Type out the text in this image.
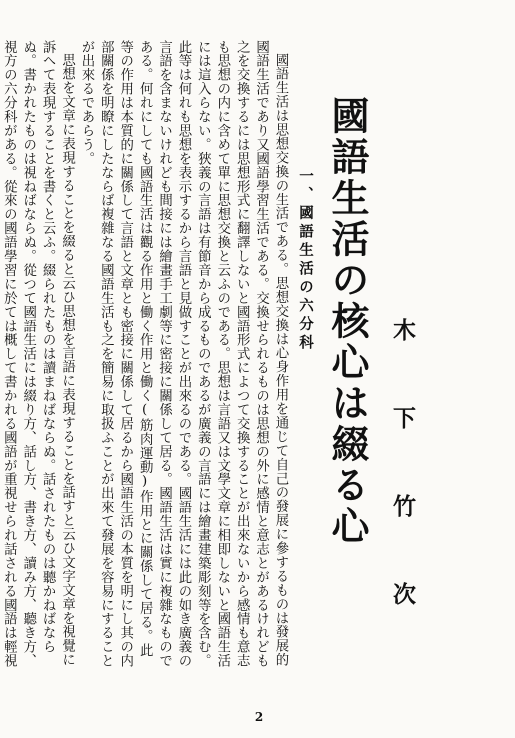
木 下 竹 次
國語生活の核心は綴る心
一、國語生活の六分科

國語生活は思想交換の生活である。思想交換は心身作用を通じて自己の發展に參するものは發展的國語生活であり又國語學習生活である。交換せられるものは思想の外に感情と意志とがあるけれども之を交換するには思想形式に翻譯しないと國語形式によつて交換することが出來ないから感情も意志も思想の内に含めて單に思想交換と云ふのである。思想は言語又は文學文章に相即しないと國語生活には這入らない。狹義の言語は有節音から成るものであるが廣義の言語には繪畫建築彫刻等を含む。此等は何れも思想を表示するから言語と見做すことが出來るのである。國語生活には此の如き廣義の言語を含まないけれども間接には繪畫手工劇等に密接に關係して居る。國語生活は實に複雜なものである。何れにしても國語生活は觀る作用と働く作用と働く(筋肉運動)作用とに關係して居る。此等の作用は本質的に關係して言語と文章とも密接に關係して居るから國語生活の本質を明にし其の内部關係を明瞭にしたならば複雜なる國語生活も之を簡易に取扱ふことが出來て發展を容易にすることが出來るであらう。

思想を文章に表現することを綴ると云ひ思想を言語に表現することを話すと云ひ文字文章を視覺に訴へて表現することを書くと云ふ。綴られたものは讀まねばならぬ。話されたものは聽かねばならぬ。書かれたものは視ねばならぬ。從つて國語生活には綴り方、話し方、書き方、讀み方、聽き方、視方の六分科がある。從來の國語學習に於ては概して書かれる國語が重視せられ話される國語は輕視

2
